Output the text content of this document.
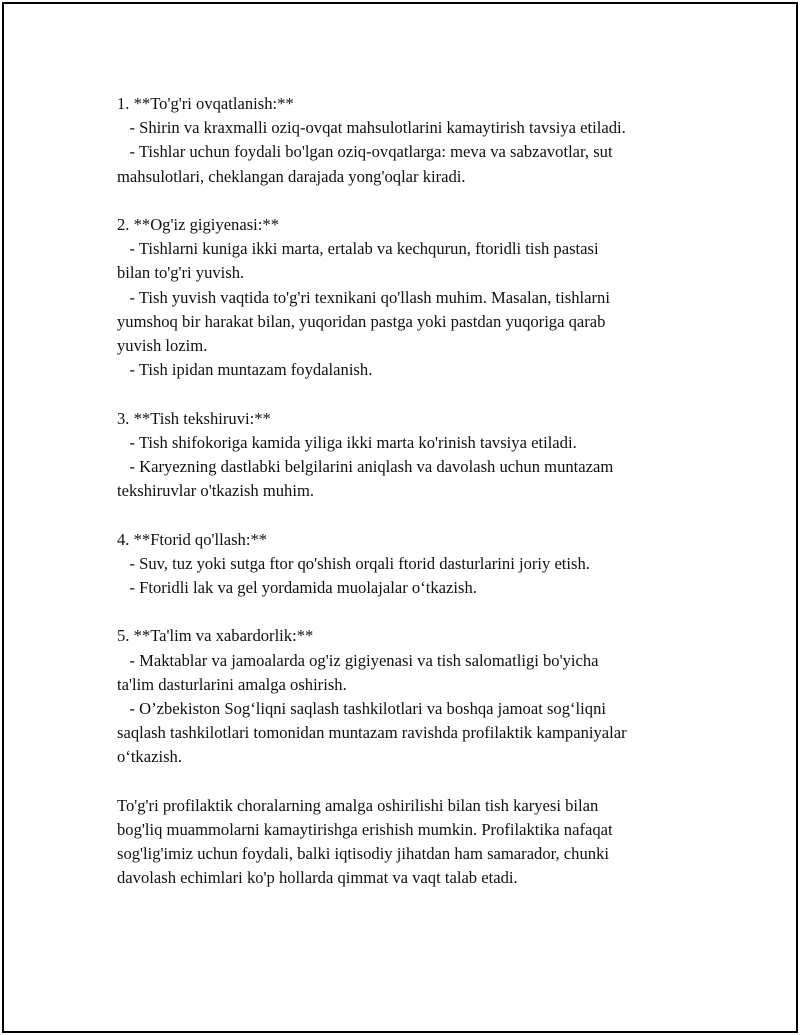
1. **To'g'ri ovqatlanish:**
- Shirin va kraxmalli oziq-ovqat mahsulotlarini kamaytirish tavsiya etiladi.
- Tishlar uchun foydali bo'lgan oziq-ovqatlarga: meva va sabzavotlar, sut
mahsulotlari, cheklangan darajada yong'oqlar kiradi.
2. **Og'iz gigiyenasi:**
- Tishlarni kuniga ikki marta, ertalab va kechqurun, ftoridli tish pastasi
bilan to'g'ri yuvish.
- Tish yuvish vaqtida to'g'ri texnikani qo'llash muhim. Masalan, tishlarni
yumshoq bir harakat bilan, yuqoridan pastga yoki pastdan yuqoriga qarab
yuvish lozim.
- Tish ipidan muntazam foydalanish.
3. **Tish tekshiruvi:**
- Tish shifokoriga kamida yiliga ikki marta ko'rinish tavsiya etiladi.
- Karyezning dastlabki belgilarini aniqlash va davolash uchun muntazam
tekshiruvlar o'tkazish muhim.
4. **Ftorid qo'llash:**
- Suv, tuz yoki sutga ftor qo'shish orqali ftorid dasturlarini joriy etish.
- Ftoridli lak va gel yordamida muolajalar o‘tkazish.
5. **Ta'lim va xabardorlik:**
- Maktablar va jamoalarda og'iz gigiyenasi va tish salomatligi bo'yicha
ta'lim dasturlarini amalga oshirish.
- O’zbekiston Sog‘liqni saqlash tashkilotlari va boshqa jamoat sog‘liqni
saqlash tashkilotlari tomonidan muntazam ravishda profilaktik kampaniyalar
o‘tkazish.
To'g'ri profilaktik choralarning amalga oshirilishi bilan tish karyesi bilan
bog'liq muammolarni kamaytirishga erishish mumkin. Profilaktika nafaqat
sog'lig'imiz uchun foydali, balki iqtisodiy jihatdan ham samarador, chunki
davolash echimlari ko'p hollarda qimmat va vaqt talab etadi.
